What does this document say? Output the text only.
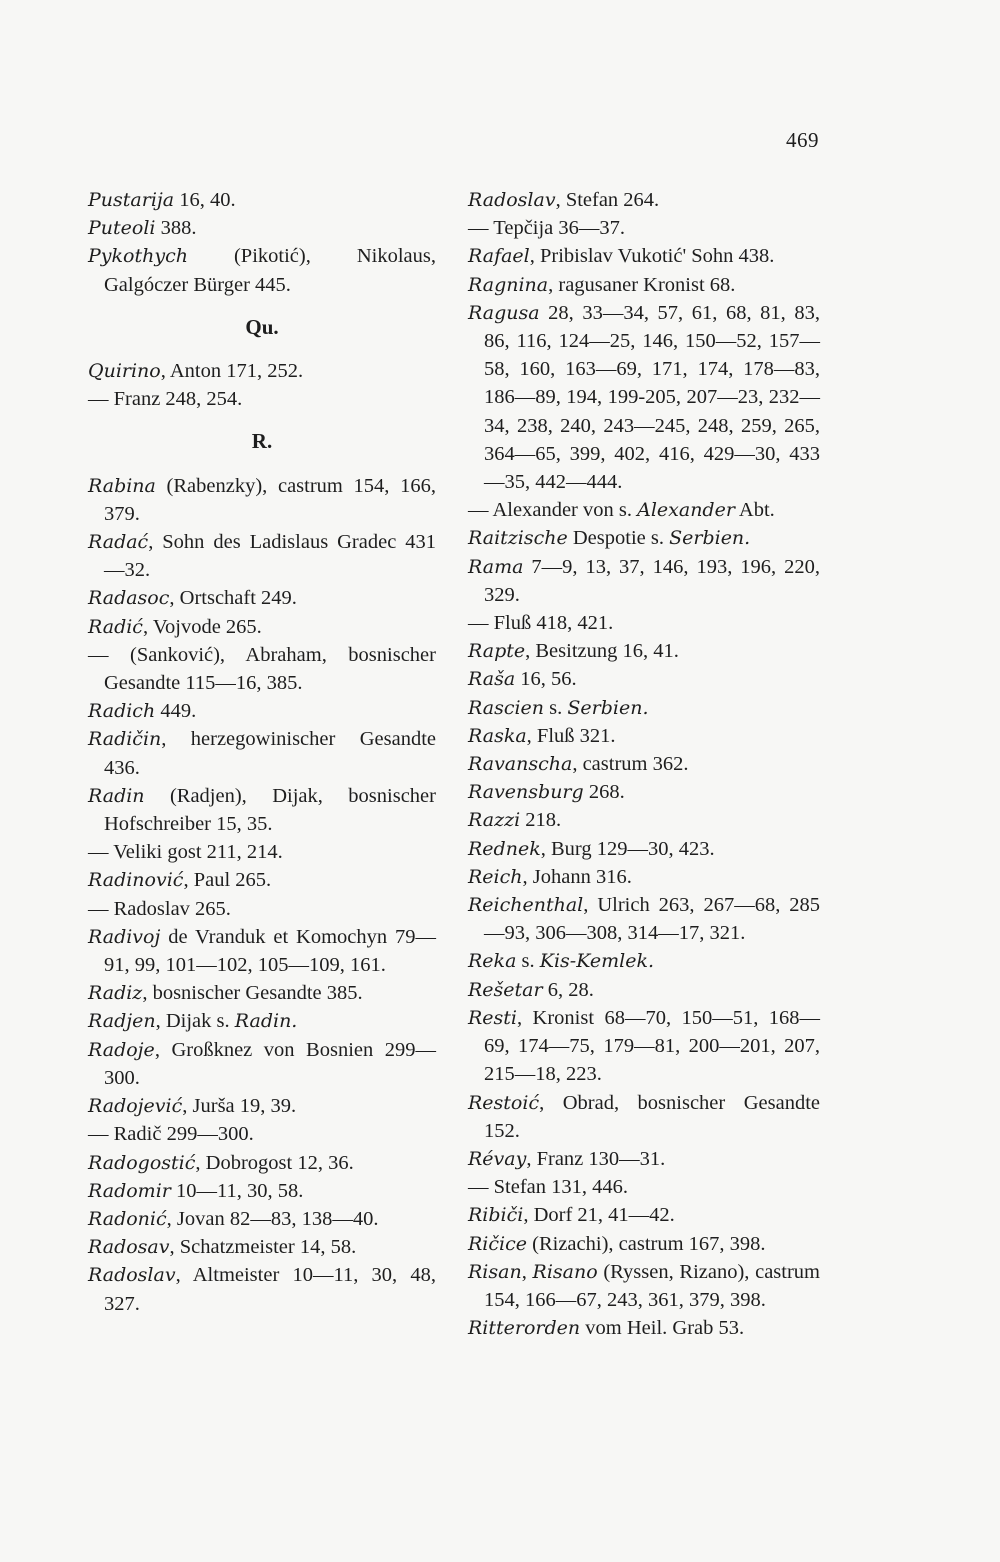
469
Pustarija 16, 40.
Puteoli 388.
Pykothych (Pikotić), Nikolaus, Galgóczer Bürger 445.
Qu.
Quirino, Anton 171, 252.
— Franz 248, 254.
R.
Rabina (Rabenzky), castrum 154, 166, 379.
Radać, Sohn des Ladislaus Gradec 431—32.
Radasoc, Ortschaft 249.
Radić, Vojvode 265.
— (Sanković), Abraham, bosnischer Gesandte 115—16, 385.
Radich 449.
Radičin, herzegowinischer Gesandte 436.
Radin (Radjen), Dijak, bosnischer Hofschreiber 15, 35.
— Veliki gost 211, 214.
Radinović, Paul 265.
— Radoslav 265.
Radivoj de Vranduk et Komochyn 79—91, 99, 101—102, 105—109, 161.
Radiz, bosnischer Gesandte 385.
Radjen, Dijak s. Radin.
Radoje, Großknez von Bosnien 299—300.
Radojević, Jurša 19, 39.
— Radič 299—300.
Radogostić, Dobrogost 12, 36.
Radomir 10—11, 30, 58.
Radonić, Jovan 82—83, 138—40.
Radosav, Schatzmeister 14, 58.
Radoslav, Altmeister 10—11, 30, 48, 327.
Radoslav, Stefan 264.
— Tepčija 36—37.
Rafael, Pribislav Vukotić' Sohn 438.
Ragnina, ragusaner Kronist 68.
Ragusa 28, 33—34, 57, 61, 68, 81, 83, 86, 116, 124—25, 146, 150—52, 157—58, 160, 163—69, 171, 174, 178—83, 186—89, 194, 199-205, 207—23, 232—34, 238, 240, 243—245, 248, 259, 265, 364—65, 399, 402, 416, 429—30, 433—35, 442—444.
— Alexander von s. Alexander Abt.
Raitzische Despotie s. Serbien.
Rama 7—9, 13, 37, 146, 193, 196, 220, 329.
— Fluß 418, 421.
Rapte, Besitzung 16, 41.
Raša 16, 56.
Rascien s. Serbien.
Raska, Fluß 321.
Ravanscha, castrum 362.
Ravensburg 268.
Razzi 218.
Rednek, Burg 129—30, 423.
Reich, Johann 316.
Reichenthal, Ulrich 263, 267—68, 285—93, 306—308, 314—17, 321.
Reka s. Kis-Kemlek.
Rešetar 6, 28.
Resti, Kronist 68—70, 150—51, 168—69, 174—75, 179—81, 200—201, 207, 215—18, 223.
Restoić, Obrad, bosnischer Gesandte 152.
Révay, Franz 130—31.
— Stefan 131, 446.
Ribiči, Dorf 21, 41—42.
Ričice (Rizachi), castrum 167, 398.
Risan, Risano (Ryssen, Rizano), castrum 154, 166—67, 243, 361, 379, 398.
Ritterorden vom Heil. Grab 53.
